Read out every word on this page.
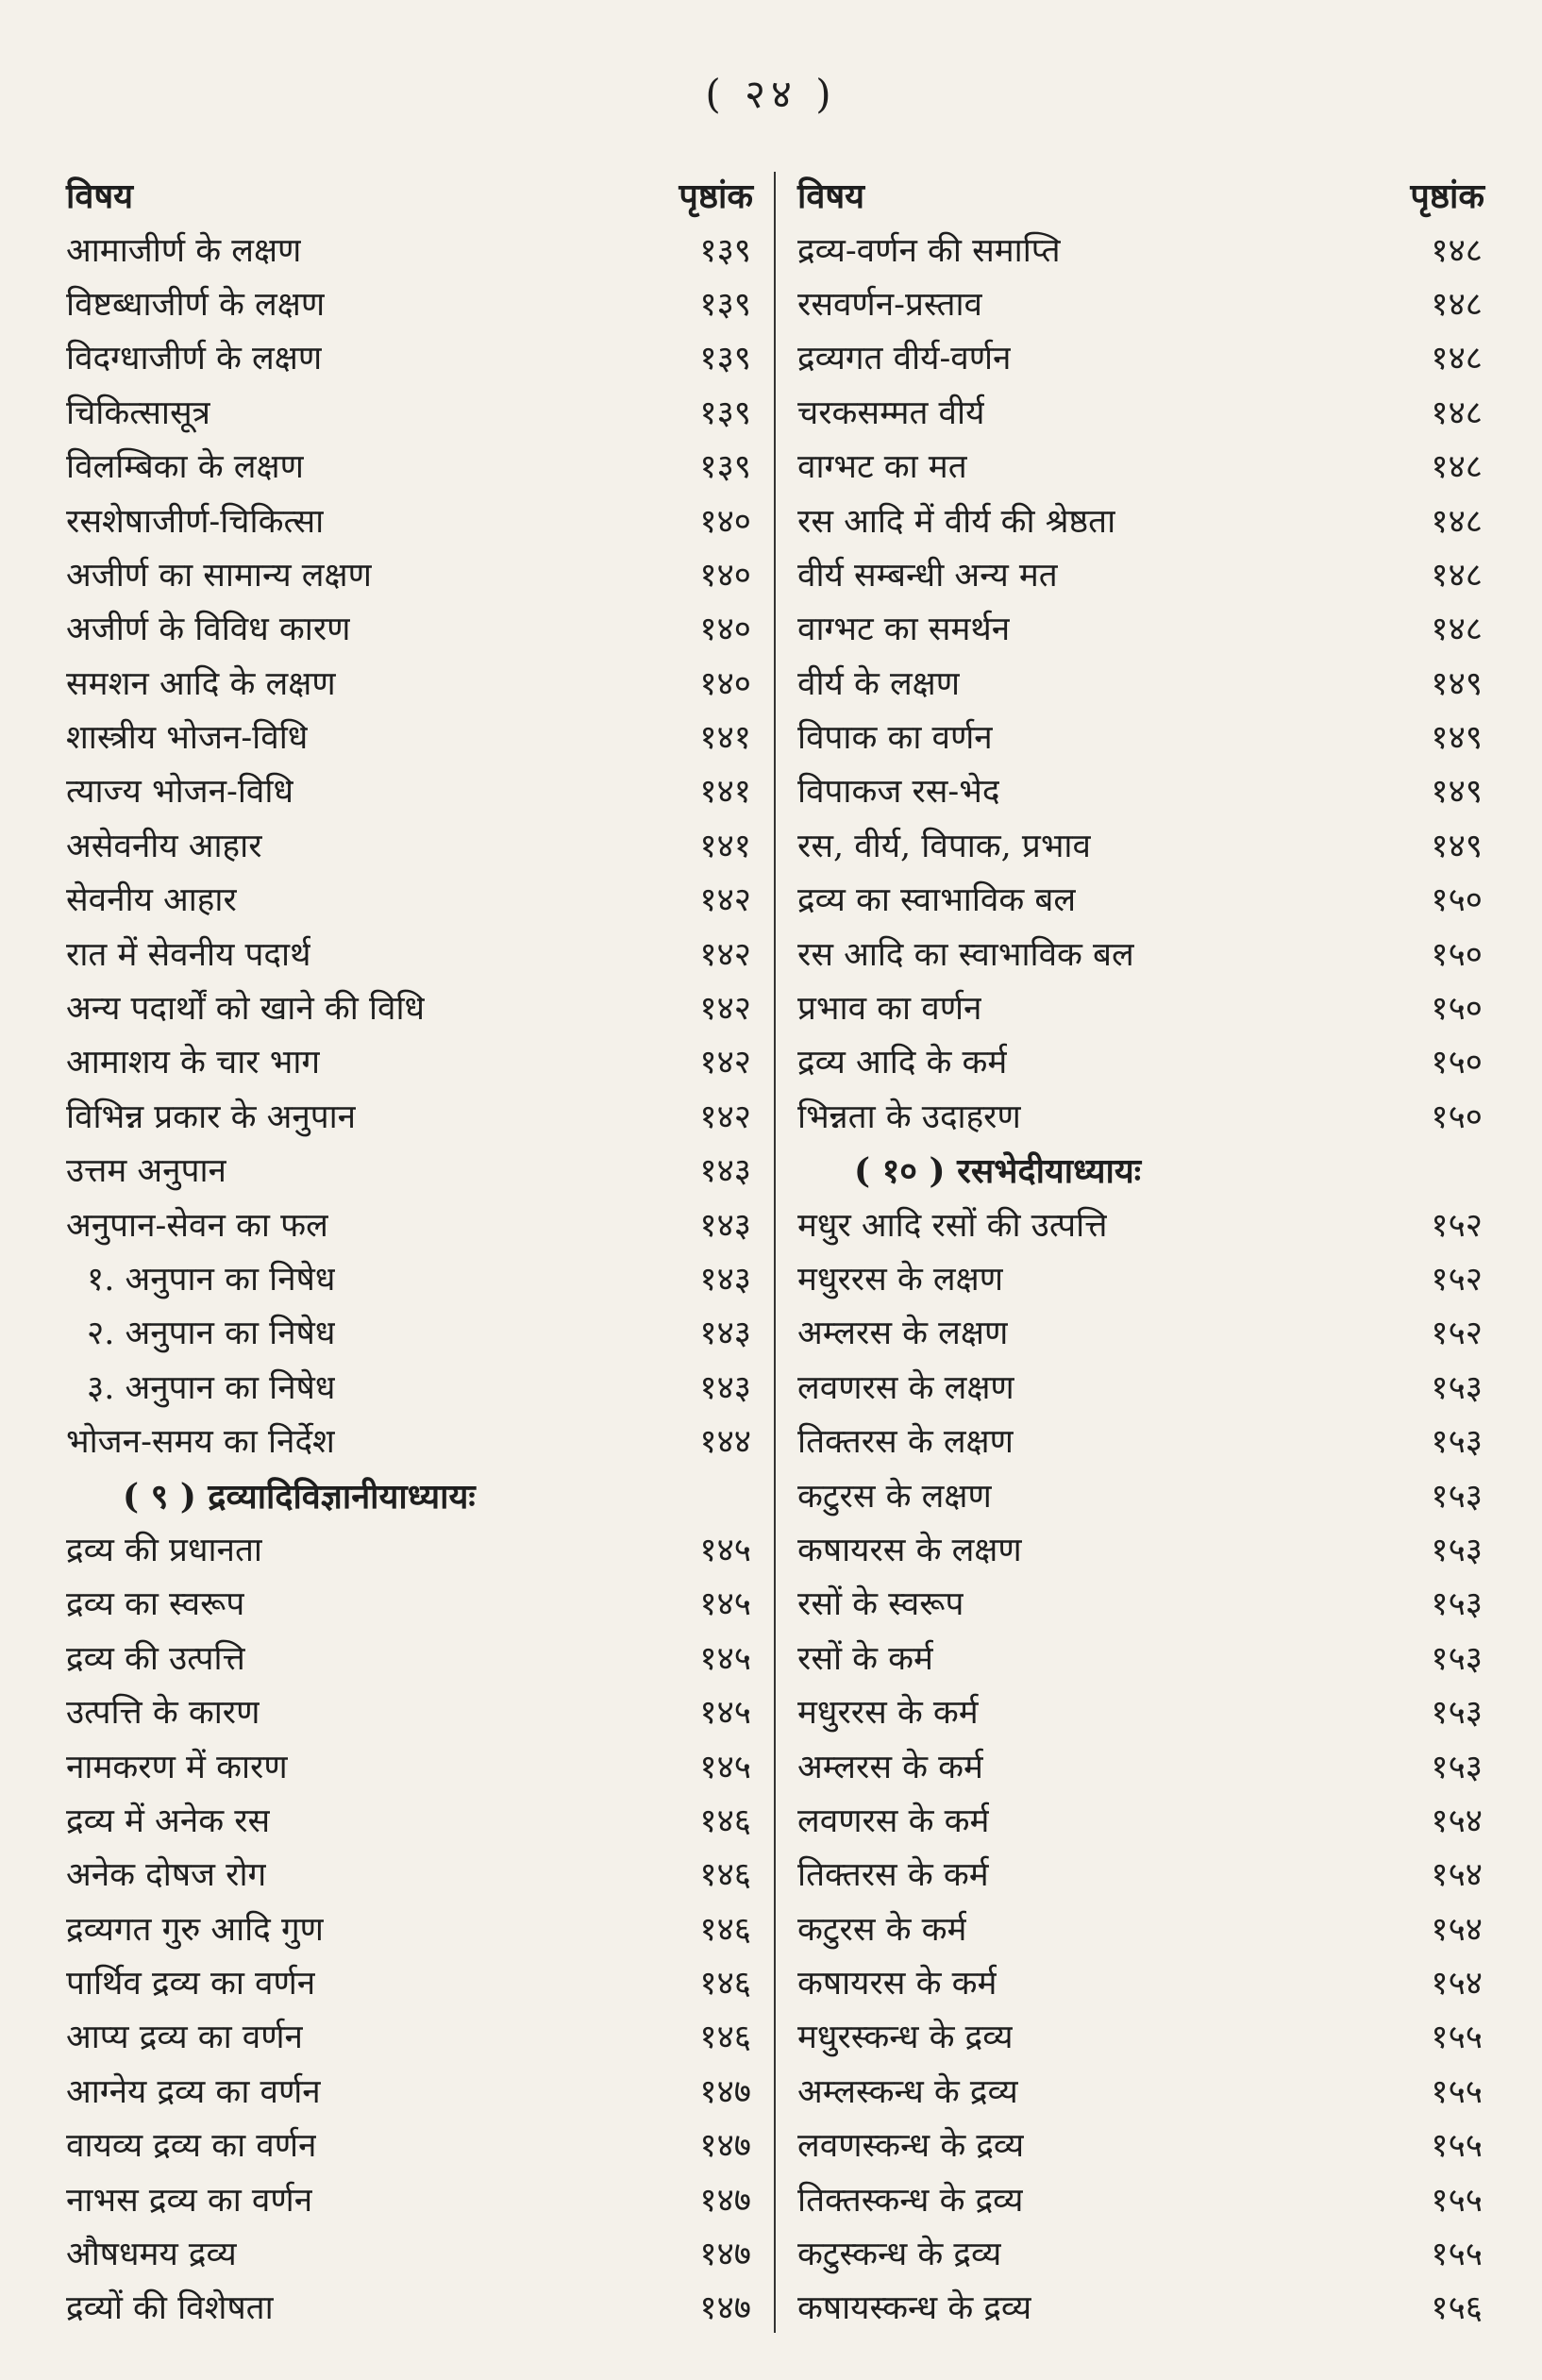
( २४ )
विषय	पृष्ठांक
आमाजीर्ण के लक्षण	१३९
विष्टब्धाजीर्ण के लक्षण	१३९
विदग्धाजीर्ण के लक्षण	१३९
चिकित्सासूत्र	१३९
विलम्बिका के लक्षण	१३९
रसशेषाजीर्ण-चिकित्सा	१४०
अजीर्ण का सामान्य लक्षण	१४०
अजीर्ण के विविध कारण	१४०
समशन आदि के लक्षण	१४०
शास्त्रीय भोजन-विधि	१४१
त्याज्य भोजन-विधि	१४१
असेवनीय आहार	१४१
सेवनीय आहार	१४२
रात में सेवनीय पदार्थ	१४२
अन्य पदार्थों को खाने की विधि	१४२
आमाशय के चार भाग	१४२
विभिन्न प्रकार के अनुपान	१४२
उत्तम अनुपान	१४३
अनुपान-सेवन का फल	१४३
१. अनुपान का निषेध	१४३
२. अनुपान का निषेध	१४३
३. अनुपान का निषेध	१४३
भोजन-समय का निर्देश	१४४
( ९ ) द्रव्यादिविज्ञानीयाध्यायः
द्रव्य की प्रधानता	१४५
द्रव्य का स्वरूप	१४५
द्रव्य की उत्पत्ति	१४५
उत्पत्ति के कारण	१४५
नामकरण में कारण	१४५
द्रव्य में अनेक रस	१४६
अनेक दोषज रोग	१४६
द्रव्यगत गुरु आदि गुण	१४६
पार्थिव द्रव्य का वर्णन	१४६
आप्य द्रव्य का वर्णन	१४६
आग्नेय द्रव्य का वर्णन	१४७
वायव्य द्रव्य का वर्णन	१४७
नाभस द्रव्य का वर्णन	१४७
औषधमय द्रव्य	१४७
द्रव्यों की विशेषता	१४७
विषय	पृष्ठांक
द्रव्य-वर्णन की समाप्ति	१४८
रसवर्णन-प्रस्ताव	१४८
द्रव्यगत वीर्य-वर्णन	१४८
चरकसम्मत वीर्य	१४८
वाग्भट का मत	१४८
रस आदि में वीर्य की श्रेष्ठता	१४८
वीर्य सम्बन्धी अन्य मत	१४८
वाग्भट का समर्थन	१४८
वीर्य के लक्षण	१४९
विपाक का वर्णन	१४९
विपाकज रस-भेद	१४९
रस, वीर्य, विपाक, प्रभाव	१४९
द्रव्य का स्वाभाविक बल	१५०
रस आदि का स्वाभाविक बल	१५०
प्रभाव का वर्णन	१५०
द्रव्य आदि के कर्म	१५०
भिन्नता के उदाहरण	१५०
( १० ) रसभेदीयाध्यायः
मधुर आदि रसों की उत्पत्ति	१५२
मधुररस के लक्षण	१५२
अम्लरस के लक्षण	१५२
लवणरस के लक्षण	१५३
तिक्तरस के लक्षण	१५३
कटुरस के लक्षण	१५३
कषायरस के लक्षण	१५३
रसों के स्वरूप	१५३
रसों के कर्म	१५३
मधुररस के कर्म	१५३
अम्लरस के कर्म	१५३
लवणरस के कर्म	१५४
तिक्तरस के कर्म	१५४
कटुरस के कर्म	१५४
कषायरस के कर्म	१५४
मधुरस्कन्ध के द्रव्य	१५५
अम्लस्कन्ध के द्रव्य	१५५
लवणस्कन्ध के द्रव्य	१५५
तिक्तस्कन्ध के द्रव्य	१५५
कटुस्कन्ध के द्रव्य	१५५
कषायस्कन्ध के द्रव्य	१५६
